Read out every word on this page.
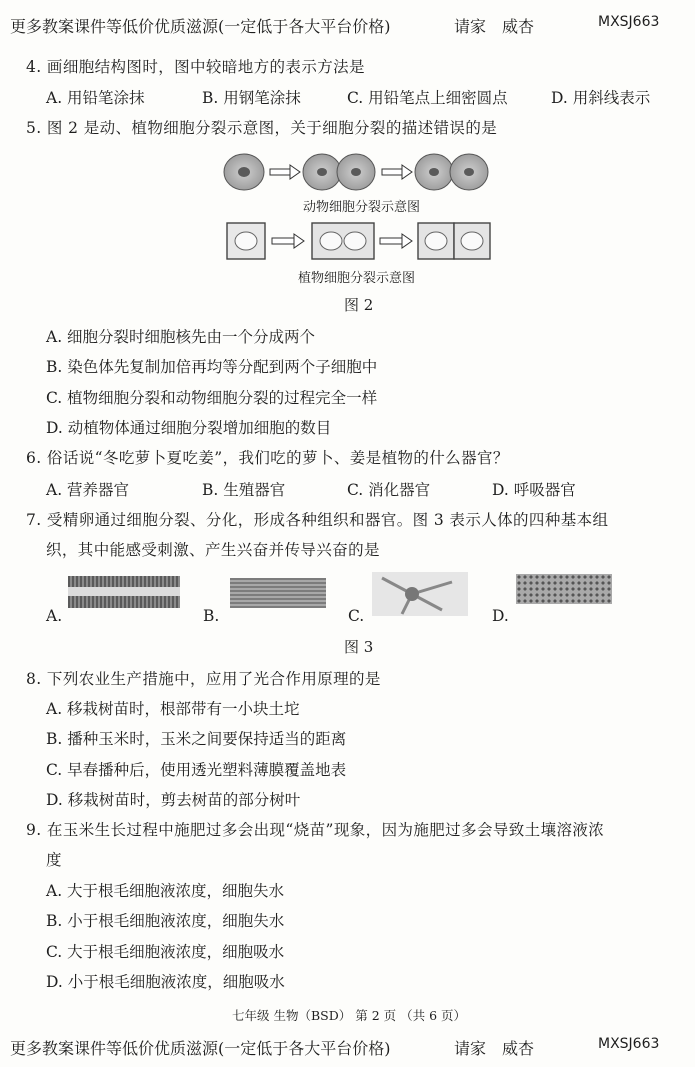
更多教案课件等低价优质滋源(一定低于各大平台价格)	请家　威杏	MXSJ663
4. 画细胞结构图时，图中较暗地方的表示方法是
A. 用铅笔涂抹	B. 用钢笔涂抹	C. 用铅笔点上细密圆点	D. 用斜线表示
5. 图 2 是动、植物细胞分裂示意图，关于细胞分裂的描述错误的是
动物细胞分裂示意图
植物细胞分裂示意图
图 2
A. 细胞分裂时细胞核先由一个分成两个
B. 染色体先复制加倍再均等分配到两个子细胞中
C. 植物细胞分裂和动物细胞分裂的过程完全一样
D. 动植物体通过细胞分裂增加细胞的数目
6. 俗话说“冬吃萝卜夏吃姜”，我们吃的萝卜、姜是植物的什么器官？
A. 营养器官	B. 生殖器官	C. 消化器官	D. 呼吸器官
7. 受精卵通过细胞分裂、分化，形成各种组织和器官。图 3 表示人体的四种基本组
织，其中能感受刺激、产生兴奋并传导兴奋的是
A.	B.	C.	D.
图 3
8. 下列农业生产措施中，应用了光合作用原理的是
A. 移栽树苗时，根部带有一小块土坨
B. 播种玉米时，玉米之间要保持适当的距离
C. 早春播种后，使用透光塑料薄膜覆盖地表
D. 移栽树苗时，剪去树苗的部分树叶
9. 在玉米生长过程中施肥过多会出现“烧苗”现象，因为施肥过多会导致土壤溶液浓
度
A. 大于根毛细胞液浓度，细胞失水
B. 小于根毛细胞液浓度，细胞失水
C. 大于根毛细胞液浓度，细胞吸水
D. 小于根毛细胞液浓度，细胞吸水
七年级 生物（BSD） 第 2 页 （共 6 页）
更多教案课件等低价优质滋源(一定低于各大平台价格)	请家　威杏	MXSJ663
